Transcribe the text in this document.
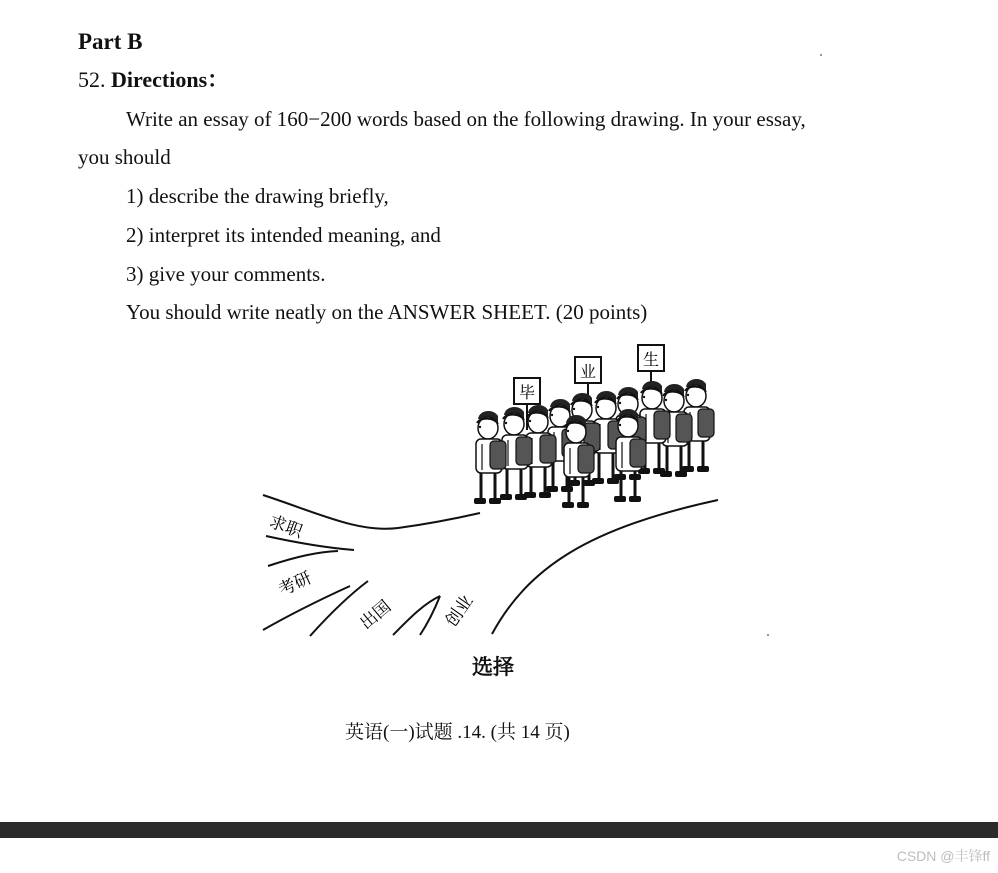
Part B
52. Directions：
Write an essay of 160−200 words based on the following drawing. In your essay,
you should
1) describe the drawing briefly,
2) interpret its intended meaning, and
3) give your comments.
You should write neatly on the ANSWER SHEET. (20 points)
毕
业
生
求职
考研
出国	创业
选择
英语(一)试题 .14. (共 14 页)
CSDN @丰锋ff
